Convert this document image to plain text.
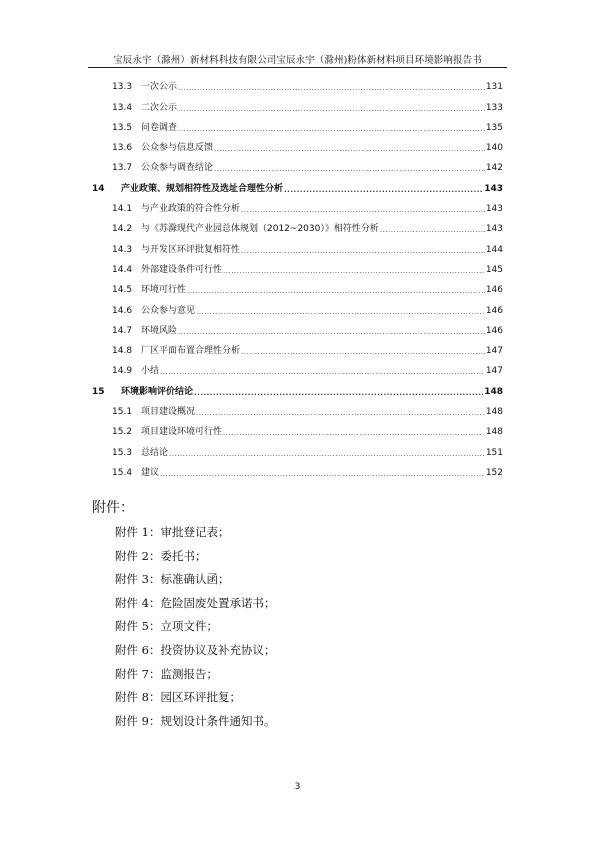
宝辰永宇（滁州）新材料科技有限公司宝辰永宇（滁州)粉体新材料项目环境影响报告书
13.3 一次公示 .....	131
13.4 二次公示 .....	133
13.5 问卷调查 .....	135
13.6 公众参与信息反馈 .....	140
13.7 公众参与调查结论 .....	142
14	产业政策、规划相符性及选址合理性分析 .....	143
14.1 与产业政策的符合性分析 .....	143
14.2 与《苏滁现代产业园总体规划（2012~2030）》相符性分析 .....	143
14.3 与开发区环评批复相符性 .....	144
14.4 外部建设条件可行性 .....	145
14.5 环境可行性 .....	146
14.6 公众参与意见 .....	146
14.7 环境风险 .....	146
14.8 厂区平面布置合理性分析 .....	147
14.9 小结 .....	147
15	环境影响评价结论 .....	148
15.1 项目建设概况 .....	148
15.2 项目建设环境可行性 .....	148
15.3 总结论 .....	151
15.4 建议 .....	152
附件：
附件 1：审批登记表；
附件 2：委托书；
附件 3：标准确认函；
附件 4：危险固废处置承诺书；
附件 5：立项文件；
附件 6：投资协议及补充协议；
附件 7：监测报告；
附件 8：园区环评批复；
附件 9：规划设计条件通知书。
3
